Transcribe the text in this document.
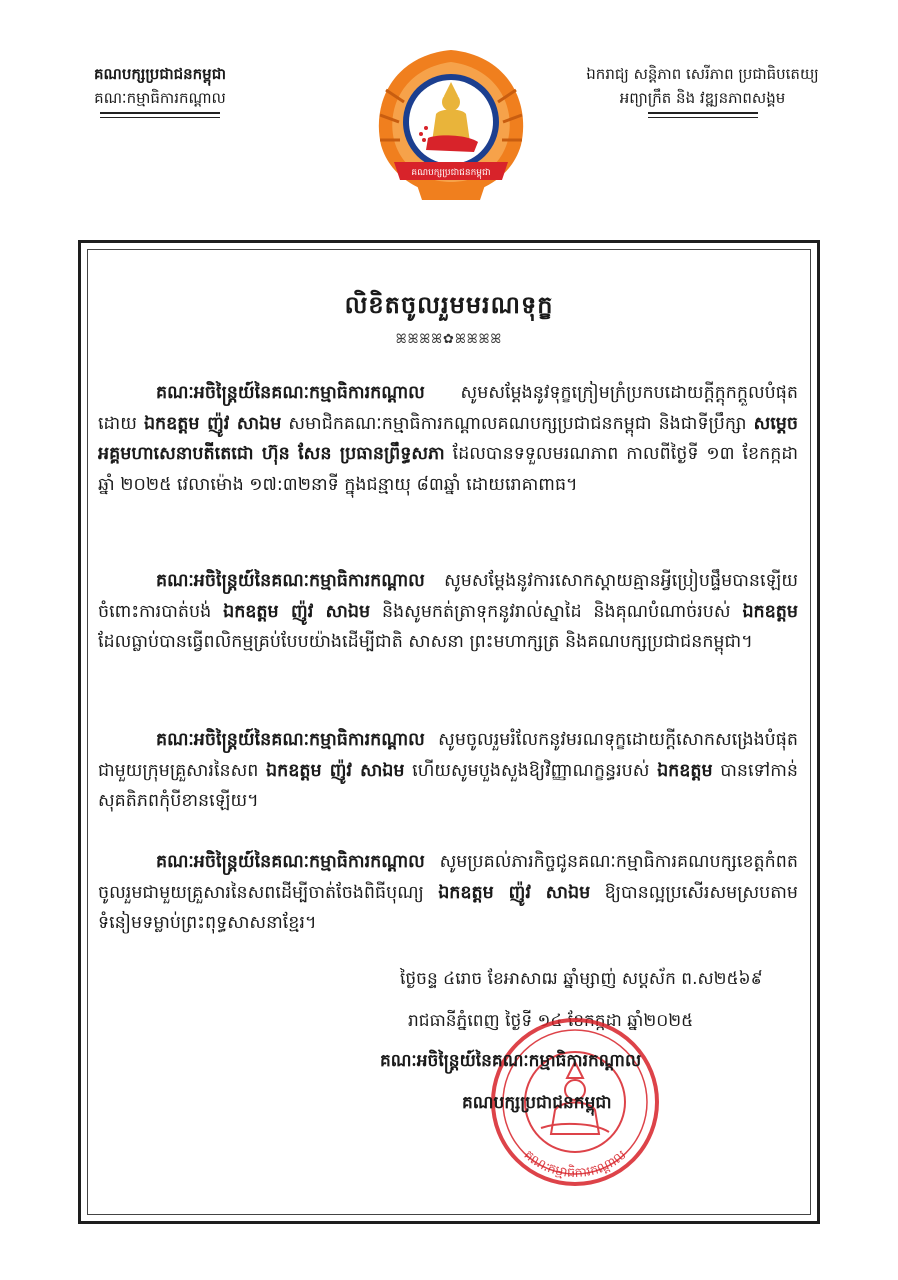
គណបក្សប្រជាជនកម្ពុជា
គណៈកម្មាធិការកណ្តាល
គណបក្សប្រជាជនកម្ពុជា
ឯករាជ្យ សន្តិភាព សេរីភាព ប្រជាធិបតេយ្យ
អព្យាក្រឹត និង វឌ្ឍនភាពសង្គម
លិខិតចូលរួមមរណទុក្ខ
ꕤꕤꕤꕤ✿ꕤꕤꕤꕤ

គណៈអចិន្ត្រៃយ៍នៃគណៈកម្មាធិការកណ្តាល សូមសម្តែងនូវទុក្ខក្រៀមក្រំប្រកបដោយក្តីក្តុកក្តួលបំផុតដោយ ឯកឧត្តម ញ៉ូវ សាឯម សមាជិកគណៈកម្មាធិការកណ្តាលគណបក្សប្រជាជនកម្ពុជា និងជាទីប្រឹក្សា សម្តេចអគ្គមហាសេនាបតីតេជោ ហ៊ុន សែន ប្រធានព្រឹទ្ធសភា ដែលបានទទួលមរណភាព កាលពីថ្ងៃទី ១៣ ខែកក្កដា ឆ្នាំ ២០២៥ វេលាម៉ោង ១៧:៣២នាទី ក្នុងជន្មាយុ ៨៣ឆ្នាំ ដោយរោគាពាធ។

គណៈអចិន្ត្រៃយ៍នៃគណៈកម្មាធិការកណ្តាល សូមសម្តែងនូវការសោកស្តាយគ្មានអ្វីប្រៀបផ្ទឹមបានឡើយ ចំពោះការបាត់បង់ ឯកឧត្តម ញ៉ូវ សាឯម និងសូមកត់ត្រាទុកនូវរាល់ស្នាដៃ និងគុណបំណាច់របស់ ឯកឧត្តម ដែលធ្លាប់បានធ្វើពលិកម្មគ្រប់បែបយ៉ាងដើម្បីជាតិ សាសនា ព្រះមហាក្សត្រ និងគណបក្សប្រជាជនកម្ពុជា។

គណៈអចិន្ត្រៃយ៍នៃគណៈកម្មាធិការកណ្តាល សូមចូលរួមរំលែកនូវមរណទុក្ខដោយក្តីសោកសង្រេងបំផុតជាមួយក្រុមគ្រួសារនៃសព ឯកឧត្តម ញ៉ូវ សាឯម ហើយសូមបួងសួងឱ្យវិញ្ញាណក្ខន្ធរបស់ ឯកឧត្តម បានទៅកាន់សុគតិភពកុំបីខានឡើយ។

គណៈអចិន្ត្រៃយ៍នៃគណៈកម្មាធិការកណ្តាល សូមប្រគល់ភារកិច្ចជូនគណៈកម្មាធិការគណបក្សខេត្តកំពត ចូលរួមជាមួយគ្រួសារនៃសពដើម្បីចាត់ចែងពិធីបុណ្យ ឯកឧត្តម ញ៉ូវ សាឯម ឱ្យបានល្អប្រសើរសមស្របតាមទំនៀមទម្លាប់ព្រះពុទ្ធសាសនាខ្មែរ។

ថ្ងៃចន្ទ ៤រោច ខែអាសាឍ ឆ្នាំម្សាញ់ សប្តស័ក ព.ស២៥៦៩
រាជធានីភ្នំពេញ ថ្ងៃទី ១៤ ខែកក្កដា ឆ្នាំ២០២៥
គណៈកម្មាធិការកណ្តាល
គណៈអចិន្ត្រៃយ៍នៃគណៈកម្មាធិការកណ្តាល
គណបក្សប្រជាជនកម្ពុជា
